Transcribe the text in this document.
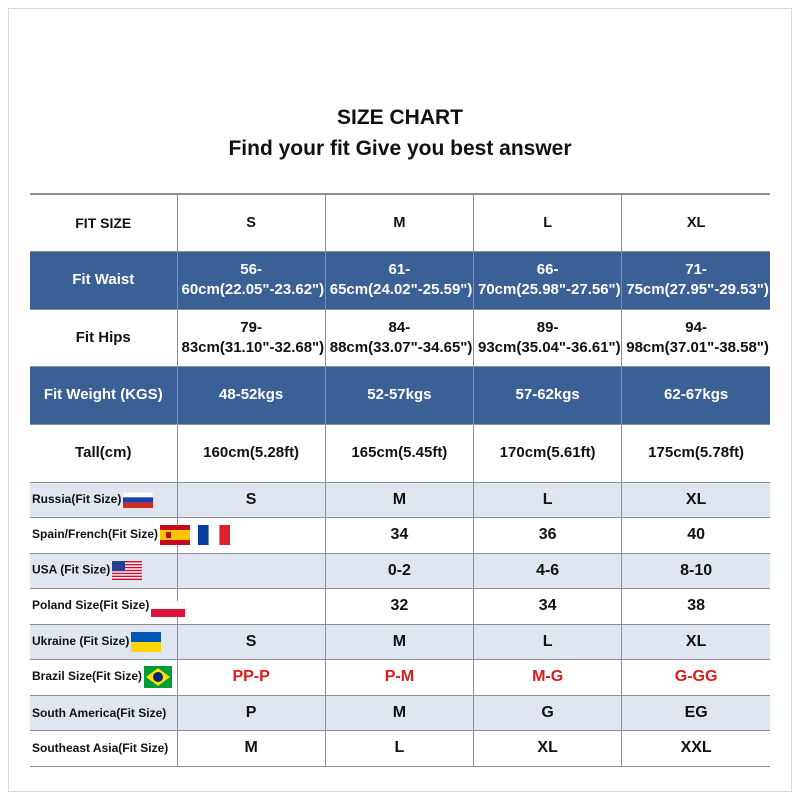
SIZE CHART
Find your fit Give you best answer
FIT SIZE	S	M	L	XL
Fit Waist	56-60cm(22.05"-23.62")	61-65cm(24.02"-25.59")	66-70cm(25.98"-27.56")	71-75cm(27.95"-29.53")
Fit Hips	79-83cm(31.10"-32.68")	84-88cm(33.07"-34.65")	89-93cm(35.04"-36.61")	94-98cm(37.01"-38.58")
Fit Weight (KGS)	48-52kgs	52-57kgs	57-62kgs	62-67kgs
Tall(cm)	160cm(5.28ft)	165cm(5.45ft)	170cm(5.61ft)	175cm(5.78ft)
Russia(Fit Size)	S	M	L	XL
Spain/French(Fit Size)		34	36	40
USA (Fit Size)		0-2	4-6	8-10
Poland Size(Fit Size)		32	34	38
Ukraine (Fit Size)	S	M	L	XL
Brazil Size(Fit Size)	PP-P	P-M	M-G	G-GG
South America(Fit Size)	P	M	G	EG
Southeast Asia(Fit Size)	M	L	XL	XXL
